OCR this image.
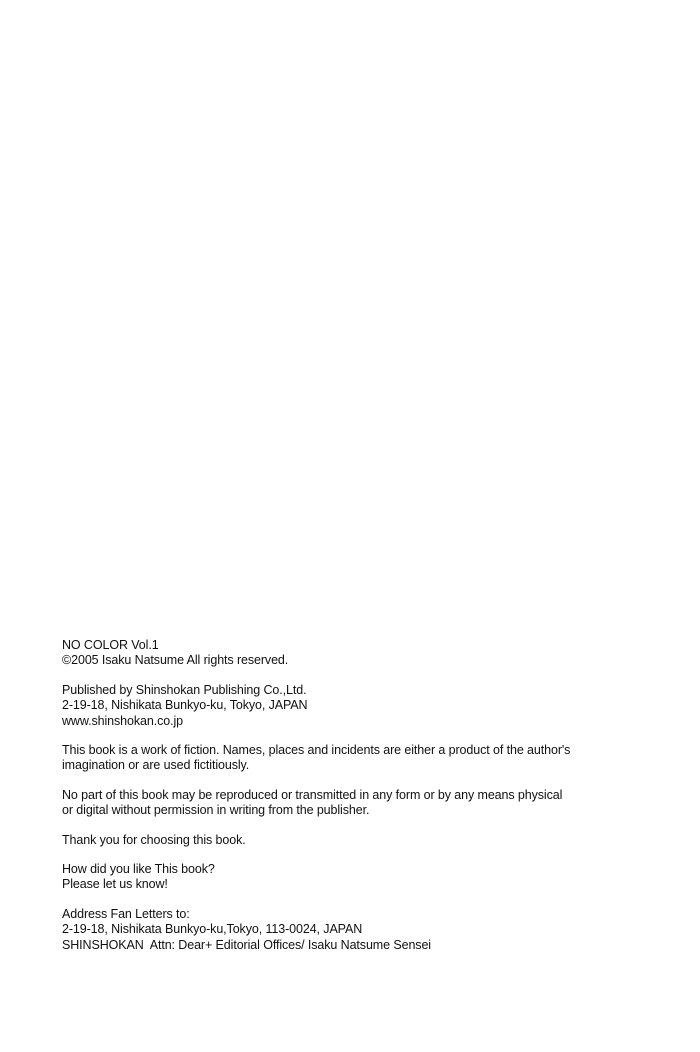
NO COLOR Vol.1
©2005 Isaku Natsume All rights reserved.
Published by Shinshokan Publishing Co.,Ltd.
2-19-18, Nishikata Bunkyo-ku, Tokyo, JAPAN
www.shinshokan.co.jp
This book is a work of fiction. Names, places and incidents are either a product of the author's
imagination or are used fictitiously.
No part of this book may be reproduced or transmitted in any form or by any means physical
or digital without permission in writing from the publisher.
Thank you for choosing this book.
How did you like This book?
Please let us know!
Address Fan Letters to:
2-19-18, Nishikata Bunkyo-ku,Tokyo, 113-0024, JAPAN
SHINSHOKAN  Attn: Dear+ Editorial Offices/ Isaku Natsume Sensei
